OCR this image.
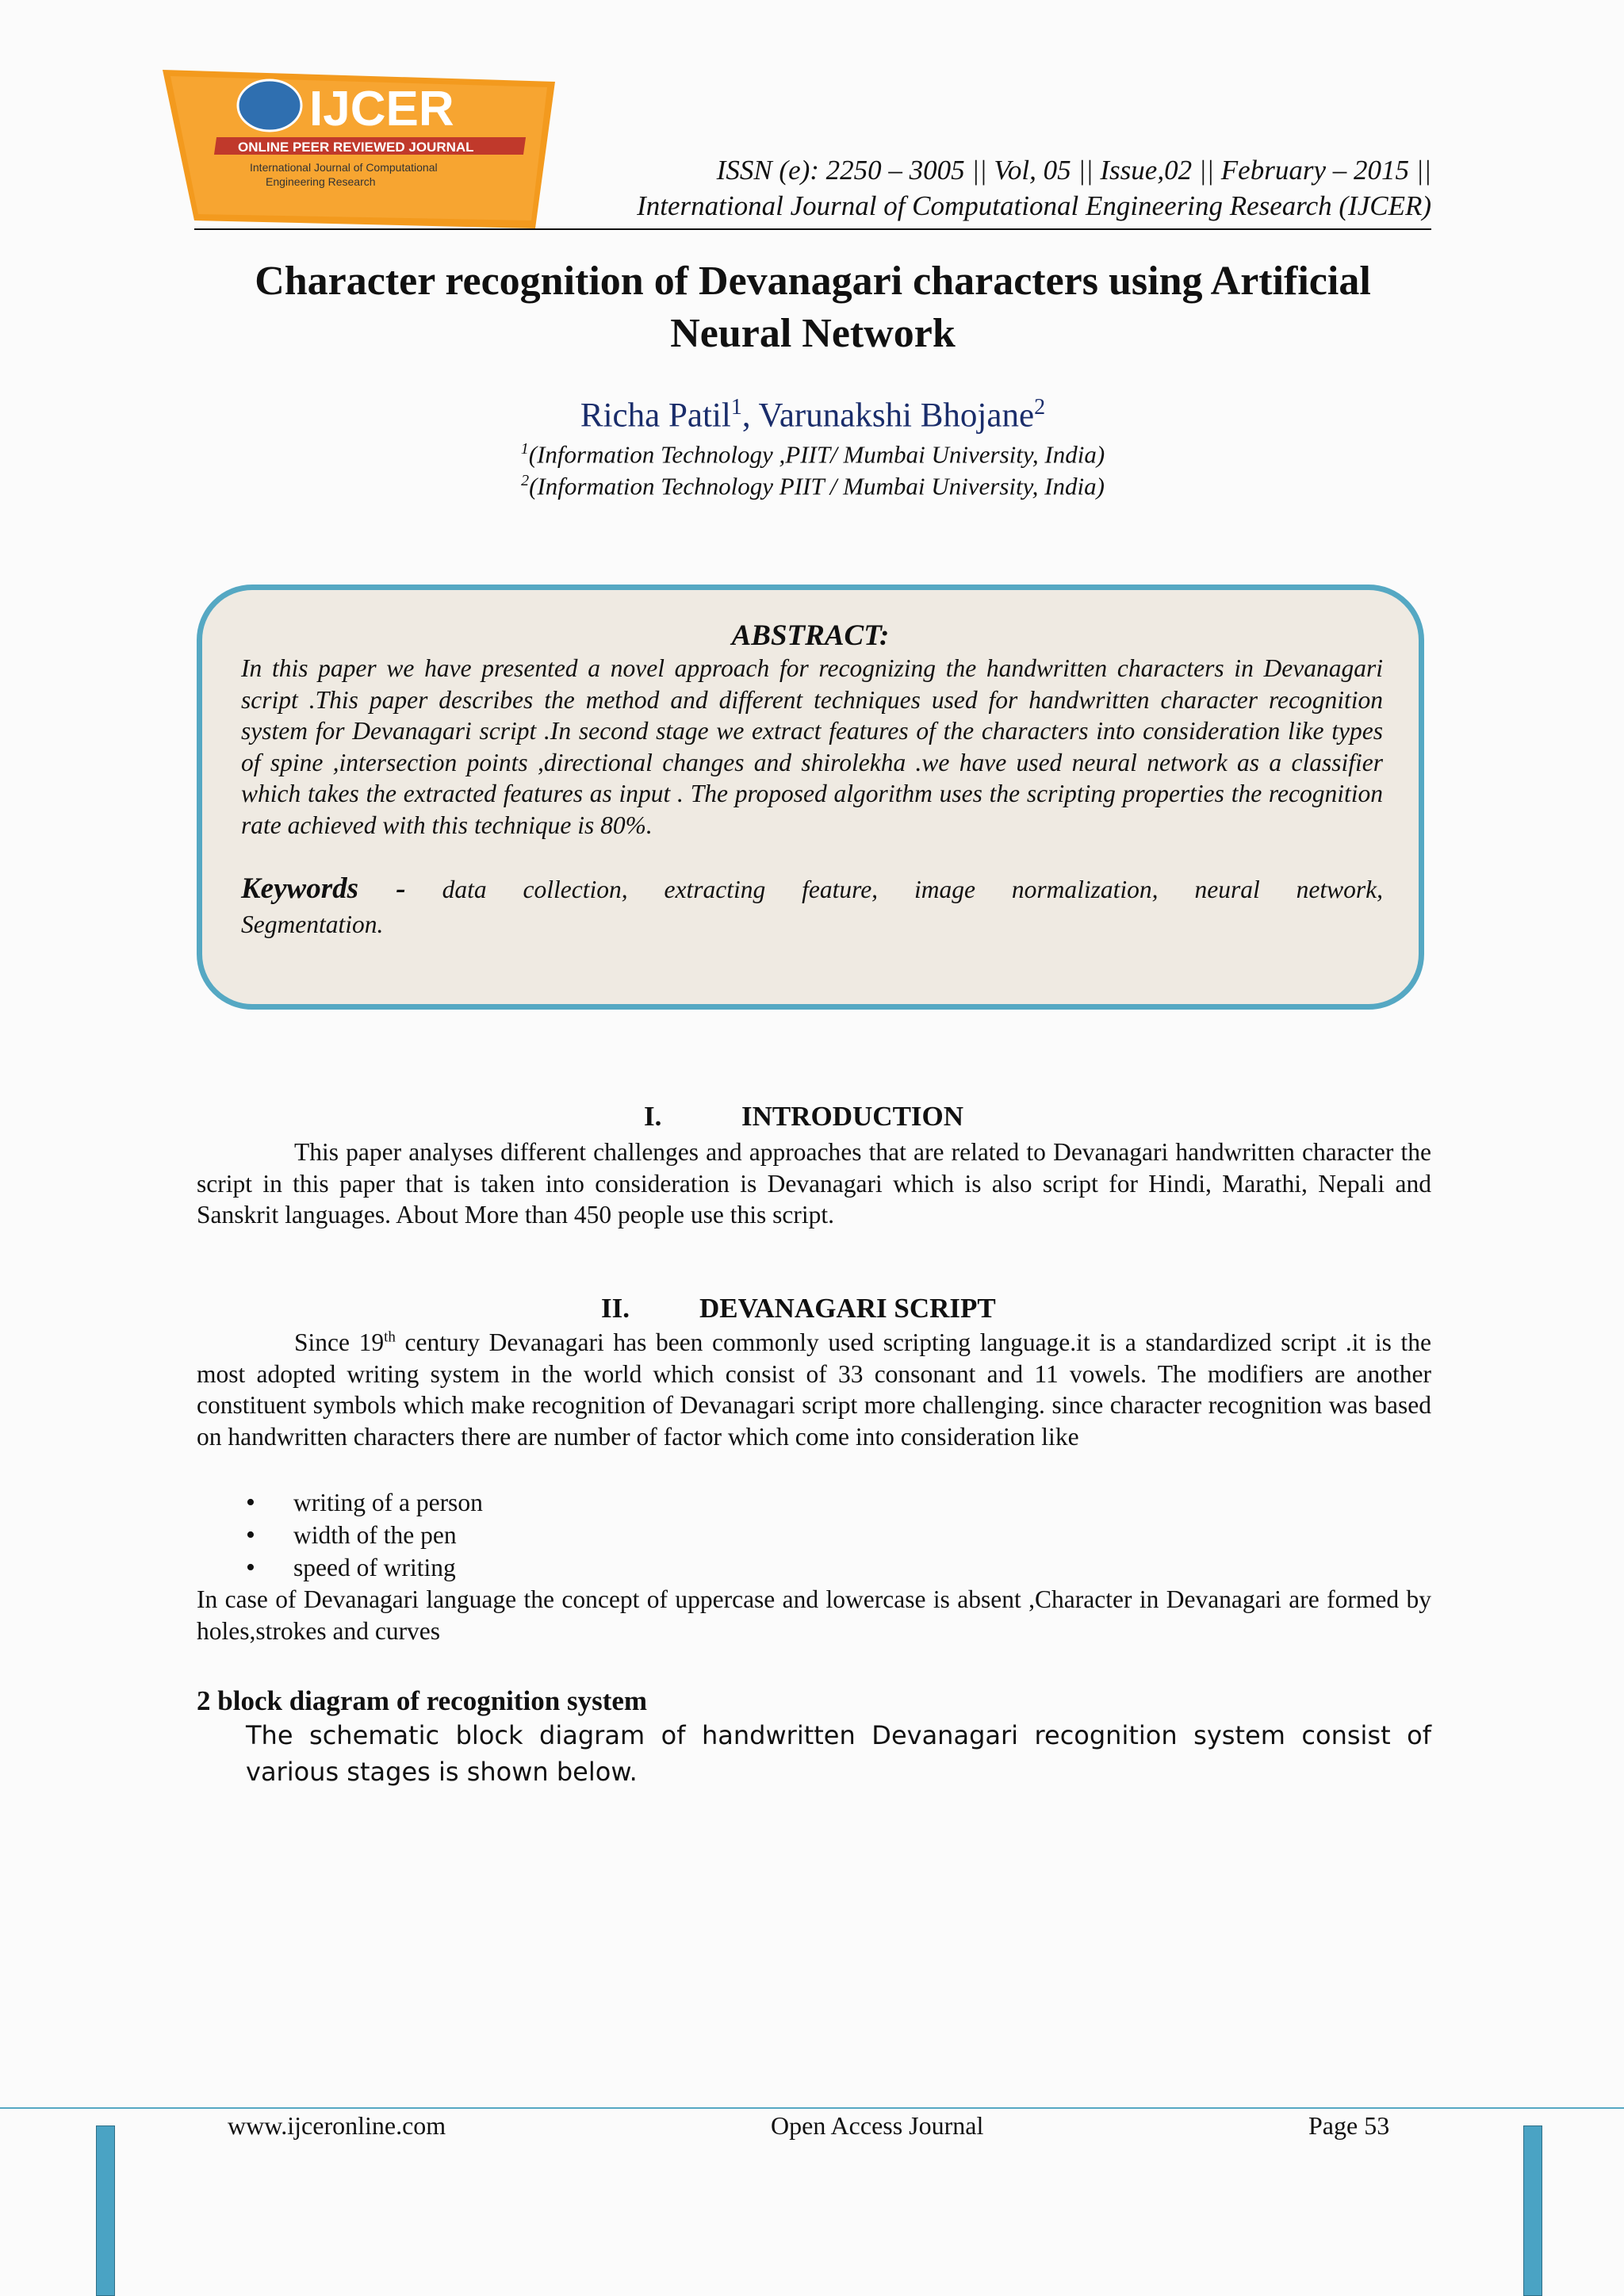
IJCER
ONLINE PEER REVIEWED JOURNAL
International Journal of Computational
Engineering Research	ISSN (e): 2250 – 3005 || Vol, 05 || Issue,02 || February – 2015 ||
International Journal of Computational Engineering Research (IJCER)
Character recognition of Devanagari characters using Artificial
Neural Network
Richa Patil$^1$, Varunakshi Bhojane$^2$
$^1$(Information Technology ,PIIT/ Mumbai University, India)
$^2$(Information Technology PIIT / Mumbai University, India)
ABSTRACT:
In this paper we have presented a novel approach for recognizing the handwritten characters in Devanagari script .This paper describes the method and different techniques used for handwritten character recognition system for Devanagari script .In second stage we extract features of the characters into consideration like types of spine ,intersection points ,directional changes and shirolekha .we have used neural network as a classifier which takes the extracted features as input . The proposed algorithm uses the scripting properties the recognition rate achieved with this technique is 80%.
Keywords - data collection, extracting feature, image normalization, neural network,
Segmentation.
I.	INTRODUCTION
This paper analyses different challenges and approaches that are related to Devanagari handwritten character the script in this paper that is taken into consideration is Devanagari which is also script for Hindi, Marathi, Nepali and Sanskrit languages. About More than 450 people use this script.
II.	DEVANAGARI SCRIPT
Since 19th century Devanagari has been commonly used scripting language.it is a standardized script .it is the most adopted writing system in the world which consist of 33 consonant and 11 vowels. The modifiers are another constituent symbols which make recognition of Devanagari script more challenging. since character recognition was based on handwritten characters there are number of factor which come into consideration like
• writing of a person
• width of the pen
• speed of writing
In case of Devanagari language the concept of uppercase and lowercase is absent ,Character in Devanagari are formed by holes,strokes and curves
2 block diagram of recognition system
The schematic block diagram of handwritten Devanagari recognition system consist of various stages is shown below.
www.ijceronline.com	Open Access Journal	Page 53
